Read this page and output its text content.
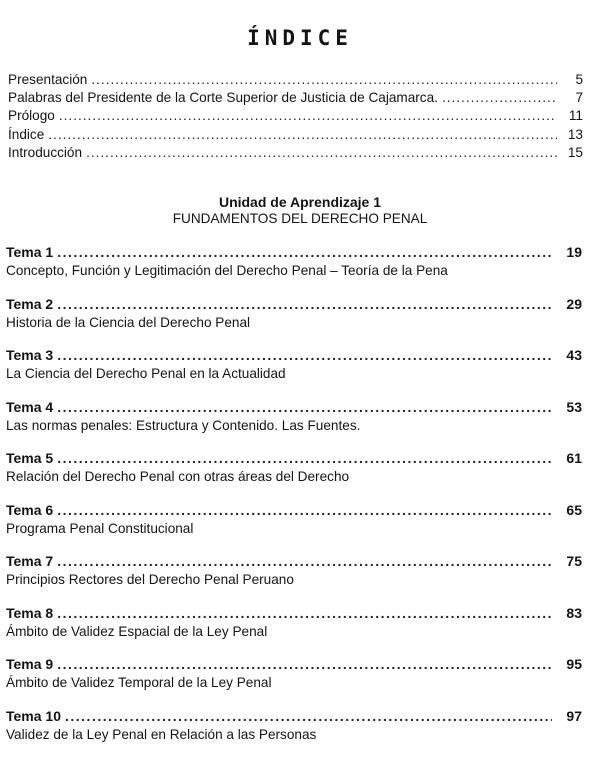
ÍNDICE
Presentación .....	5
Palabras del Presidente de la Corte Superior de Justicia de Cajamarca. .....	7
Prólogo .....	11
Índice .....	13
Introducción .....	15
Unidad de Aprendizaje 1
FUNDAMENTOS DEL DERECHO PENAL
Tema 1 .....	19
Concepto, Función y Legitimación del Derecho Penal – Teoría de la Pena
Tema 2 .....	29
Historia de la Ciencia del Derecho Penal
Tema 3 .....	43
La Ciencia del Derecho Penal en la Actualidad
Tema 4 .....	53
Las normas penales: Estructura y Contenido. Las Fuentes.
Tema 5 .....	61
Relación del Derecho Penal con otras áreas del Derecho
Tema 6 .....	65
Programa Penal Constitucional
Tema 7 .....	75
Principios Rectores del Derecho Penal Peruano
Tema 8 .....	83
Ámbito de Validez Espacial de la Ley Penal
Tema 9 .....	95
Ámbito de Validez Temporal de la Ley Penal
Tema 10 .....	97
Validez de la Ley Penal en Relación a las Personas
